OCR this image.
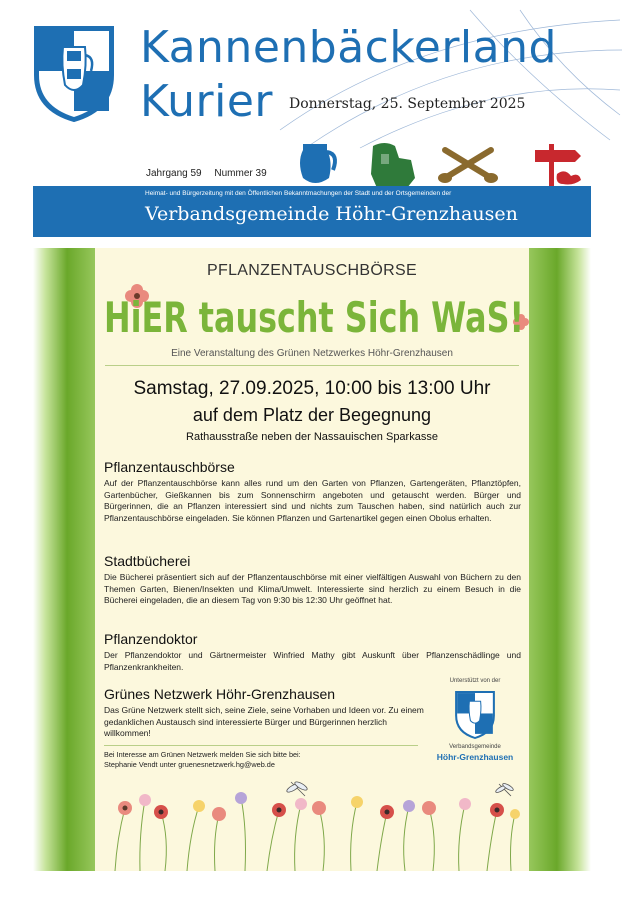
Kannenbäckerland
Kurier Donnerstag, 25. September 2025
Jahrgang 59 Nummer 39
Heimat- und Bürgerzeitung mit den Öffentlichen Bekanntmachungen der Stadt und der Ortsgemeinden der
Verbandsgemeinde Höhr-Grenzhausen
PFLANZENTAUSCHBÖRSE
HiER tauscht Sich WaS!
Eine Veranstaltung des Grünen Netzwerkes Höhr-Grenzhausen
Samstag, 27.09.2025, 10:00 bis 13:00 Uhr
auf dem Platz der Begegnung
Rathausstraße neben der Nassauischen Sparkasse
Pflanzentauschbörse
Auf der Pflanzentauschbörse kann alles rund um den Garten von Pflanzen, Gartengeräten, Pflanztöpfen, Gartenbücher, Gießkannen bis zum Sonnenschirm angeboten und getauscht werden. Bürger und Bürgerinnen, die an Pflanzen interessiert sind und nichts zum Tauschen haben, sind natürlich auch zur Pflanzentauschbörse eingeladen. Sie können Pflanzen und Gartenartikel gegen einen Obolus erhalten.
Stadtbücherei
Die Bücherei präsentiert sich auf der Pflanzentauschbörse mit einer vielfältigen Auswahl von Büchern zu den Themen Garten, Bienen/Insekten und Klima/Umwelt. Interessierte sind herzlich zu einem Besuch in die Bücherei eingeladen, die an diesem Tag von 9:30 bis 12:30 Uhr geöffnet hat.
Pflanzendoktor
Der Pflanzendoktor und Gärtnermeister Winfried Mathy gibt Auskunft über Pflanzenschädlinge und Pflanzenkrankheiten.
Grünes Netzwerk Höhr-Grenzhausen
Das Grüne Netzwerk stellt sich, seine Ziele, seine Vorhaben und Ideen vor. Zu einem gedanklichen Austausch sind interessierte Bürger und Bürgerinnen herzlich willkommen!
Bei Interesse am Grünen Netzwerk melden Sie sich bitte bei:
Stephanie Vendt unter gruenesnetzwerk.hg@web.de
Unterstützt von der
Verbandsgemeinde
Höhr-Grenzhausen
